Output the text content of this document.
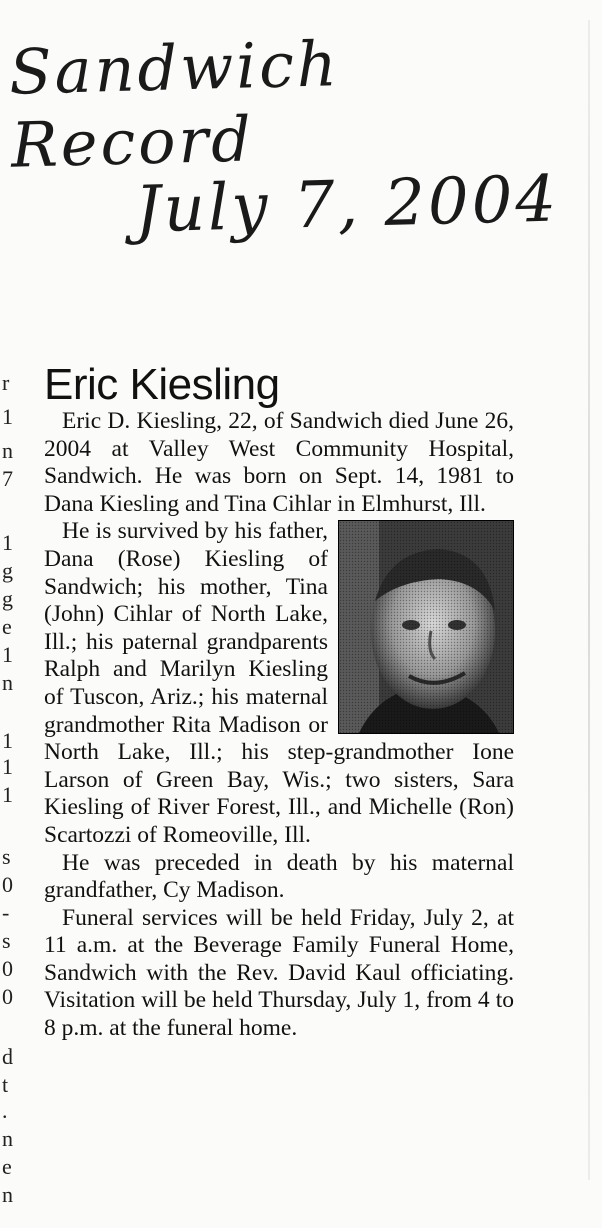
Sandwich Record
July 7, 2004
r
1
n
7
1
g
g
e
1
n
1
1
1
s
0
-
s
0
0
d
t
.
n
e
n
Eric Kiesling

Eric D. Kiesling, 22, of Sandwich died June 26, 2004 at Valley West Community Hospital, Sandwich. He was born on Sept. 14, 1981 to Dana Kiesling and Tina Cihlar in Elmhurst, Ill.

He is survived by his father, Dana (Rose) Kiesling of Sandwich; his mother, Tina (John) Cihlar of North Lake, Ill.; his paternal grandparents Ralph and Marilyn Kiesling of Tuscon, Ariz.; his maternal grandmother Rita Madison or North Lake, Ill.; his step-grandmother Ione Larson of Green Bay, Wis.; two sisters, Sara Kiesling of River Forest, Ill., and Michelle (Ron) Scartozzi of Romeoville, Ill.

He was preceded in death by his maternal grandfather, Cy Madison.

Funeral services will be held Friday, July 2, at 11 a.m. at the Beverage Family Funeral Home, Sandwich with the Rev. David Kaul officiating. Visitation will be held Thursday, July 1, from 4 to 8 p.m. at the funeral home.
